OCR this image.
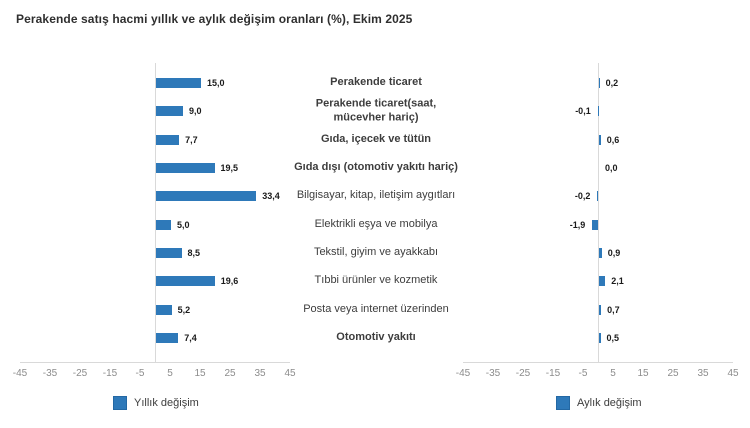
Perakende satış hacmi yıllık ve aylık değişim oranları (%), Ekim 2025
15,0
9,0
7,7
19,5
33,4
5,0
8,5
19,6
5,2
7,4
-45 -35 -25 -15 -5 5 15 25 35 45
Perakende ticaret
Perakende ticaret(saat, mücevher hariç)
Gıda, içecek ve tütün
Gıda dışı (otomotiv yakıtı hariç)
Bilgisayar, kitap, iletişim aygıtları
Elektrikli eşya ve mobilya
Tekstil, giyim ve ayakkabı
Tıbbi ürünler ve kozmetik
Posta veya internet üzerinden
Otomotiv yakıtı
0,2
-0,1
0,6
0,0
-0,2
-1,9
0,9
2,1
0,7
0,5
-45 -35 -25 -15 -5 5 15 25 35 45
Yıllık değişim	Aylık değişim
